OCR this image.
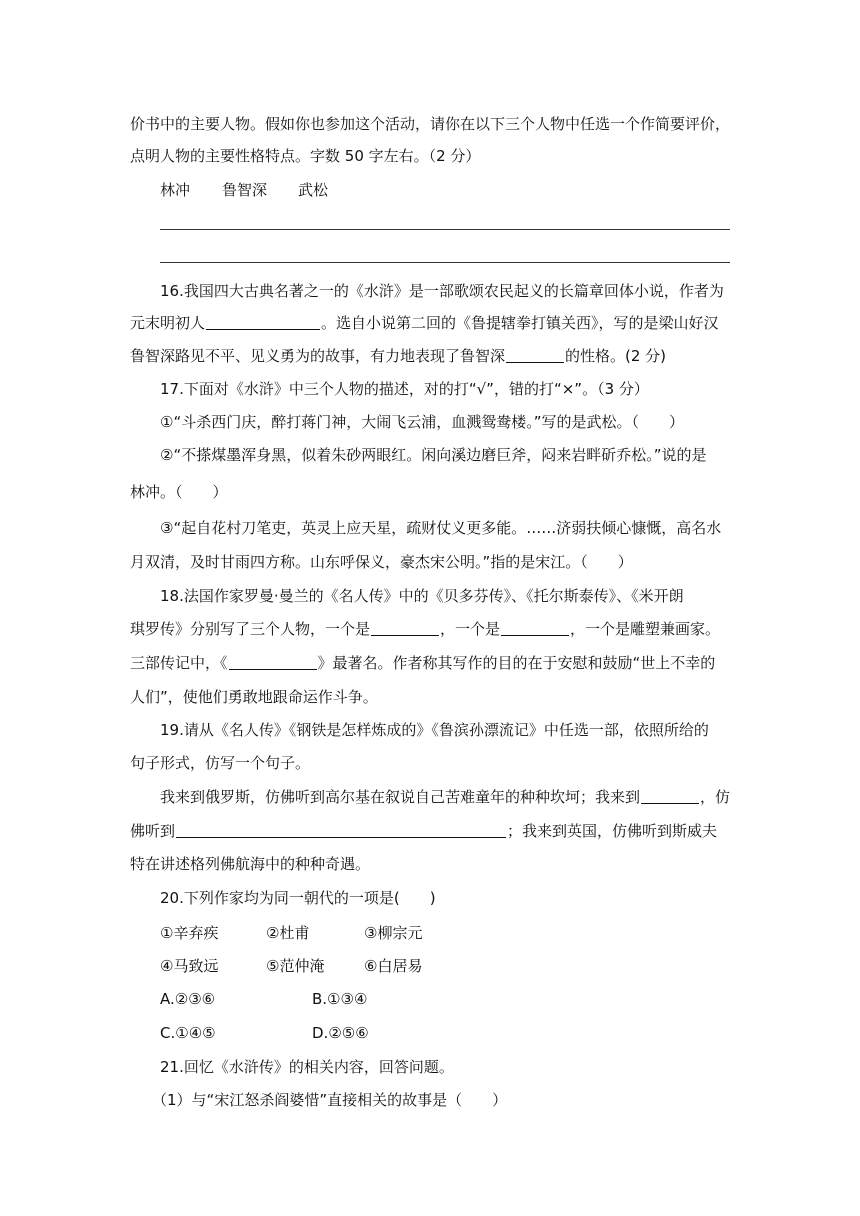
价书中的主要人物。假如你也参加这个活动，请你在以下三个人物中任选一个作简要评价，
点明人物的主要性格特点。字数 50 字左右。（2 分）
林冲 鲁智深 武松
16.我国四大古典名著之一的《水浒》是一部歌颂农民起义的长篇章回体小说，作者为
元末明初人	。选自小说第二回的《鲁提辖拳打镇关西》，写的是梁山好汉
鲁智深路见不平、见义勇为的故事，有力地表现了鲁智深	的性格。(2 分)
17.下面对《水浒》中三个人物的描述，对的打“√”，错的打“×”。（3 分）
①“斗杀西门庆，醉打蒋门神，大闹飞云浦，血溅鸳鸯楼。”写的是武松。（　　）
②“不搽煤墨浑身黑，似着朱砂两眼红。闲向溪边磨巨斧，闷来岩畔斫乔松。”说的是
林冲。（　　）
③“起自花村刀笔吏，英灵上应天星，疏财仗义更多能。……济弱扶倾心慷慨，高名水
月双清，及时甘雨四方称。山东呼保义，豪杰宋公明。”指的是宋江。（　　）
18.法国作家罗曼·曼兰的《名人传》中的《贝多芬传》、《托尔斯泰传》、《米开朗
琪罗传》分别写了三个人物，一个是	，一个是	，一个是雕塑兼画家。
三部传记中，《	》最著名。作者称其写作的目的在于安慰和鼓励“世上不幸的
人们”，使他们勇敢地跟命运作斗争。
19.请从《名人传》《钢铁是怎样炼成的》《鲁滨孙漂流记》中任选一部，依照所给的
句子形式，仿写一个句子。
我来到俄罗斯，仿佛听到高尔基在叙说自己苦难童年的种种坎坷；我来到	，仿
佛听到	；我来到英国，仿佛听到斯威夫
特在讲述格列佛航海中的种种奇遇。
20.下列作家均为同一朝代的一项是(　　)
①辛弃疾	②杜甫	③柳宗元
④马致远	⑤范仲淹	⑥白居易
A.②③⑥	B.①③④
C.①④⑤	D.②⑤⑥
21.回忆《水浒传》的相关内容，回答问题。
（1）与“宋江怒杀阎婆惜”直接相关的故事是（　　）
